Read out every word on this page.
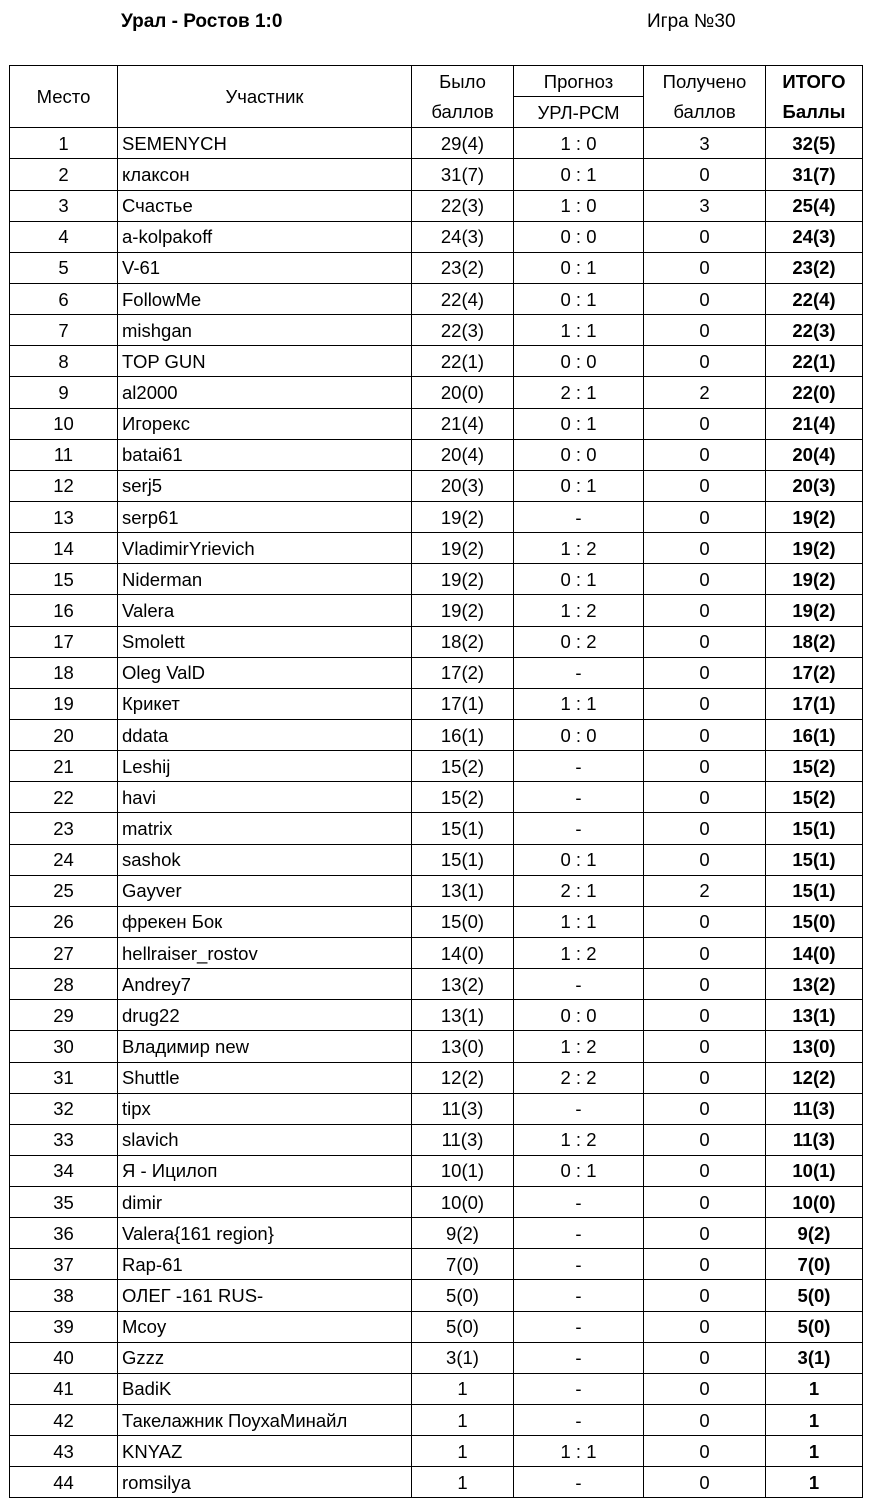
Урал - Ростов 1:0	Игра №30
Место	Участник	Было	Прогноз	Получено	ИТОГО
		баллов	УРЛ-РСМ	баллов	Баллы
1	SEMENYCH	29(4)	1 : 0	3	32(5)
2	клаксон	31(7)	0 : 1	0	31(7)
3	Счастье	22(3)	1 : 0	3	25(4)
4	a-kolpakoff	24(3)	0 : 0	0	24(3)
5	V-61	23(2)	0 : 1	0	23(2)
6	FollowMe	22(4)	0 : 1	0	22(4)
7	mishgan	22(3)	1 : 1	0	22(3)
8	TOP GUN	22(1)	0 : 0	0	22(1)
9	al2000	20(0)	2 : 1	2	22(0)
10	Игорекс	21(4)	0 : 1	0	21(4)
11	batai61	20(4)	0 : 0	0	20(4)
12	serj5	20(3)	0 : 1	0	20(3)
13	serp61	19(2)	-	0	19(2)
14	VladimirYrievich	19(2)	1 : 2	0	19(2)
15	Niderman	19(2)	0 : 1	0	19(2)
16	Valera	19(2)	1 : 2	0	19(2)
17	Smolett	18(2)	0 : 2	0	18(2)
18	Oleg ValD	17(2)	-	0	17(2)
19	Крикет	17(1)	1 : 1	0	17(1)
20	ddata	16(1)	0 : 0	0	16(1)
21	Leshij	15(2)	-	0	15(2)
22	havi	15(2)	-	0	15(2)
23	matrix	15(1)	-	0	15(1)
24	sashok	15(1)	0 : 1	0	15(1)
25	Gayver	13(1)	2 : 1	2	15(1)
26	фрекен Бок	15(0)	1 : 1	0	15(0)
27	hellraiser_rostov	14(0)	1 : 2	0	14(0)
28	Andrey7	13(2)	-	0	13(2)
29	drug22	13(1)	0 : 0	0	13(1)
30	Владимир new	13(0)	1 : 2	0	13(0)
31	Shuttle	12(2)	2 : 2	0	12(2)
32	tipx	11(3)	-	0	11(3)
33	slavich	11(3)	1 : 2	0	11(3)
34	Я - Ицилоп	10(1)	0 : 1	0	10(1)
35	dimir	10(0)	-	0	10(0)
36	Valera{161 region}	9(2)	-	0	9(2)
37	Rap-61	7(0)	-	0	7(0)
38	ОЛЕГ -161 RUS-	5(0)	-	0	5(0)
39	Mcoy	5(0)	-	0	5(0)
40	Gzzz	3(1)	-	0	3(1)
41	BadiK	1	-	0	1
42	Такелажник ПоухаМинайл	1	-	0	1
43	KNYAZ	1	1 : 1	0	1
44	romsilya	1	-	0	1
